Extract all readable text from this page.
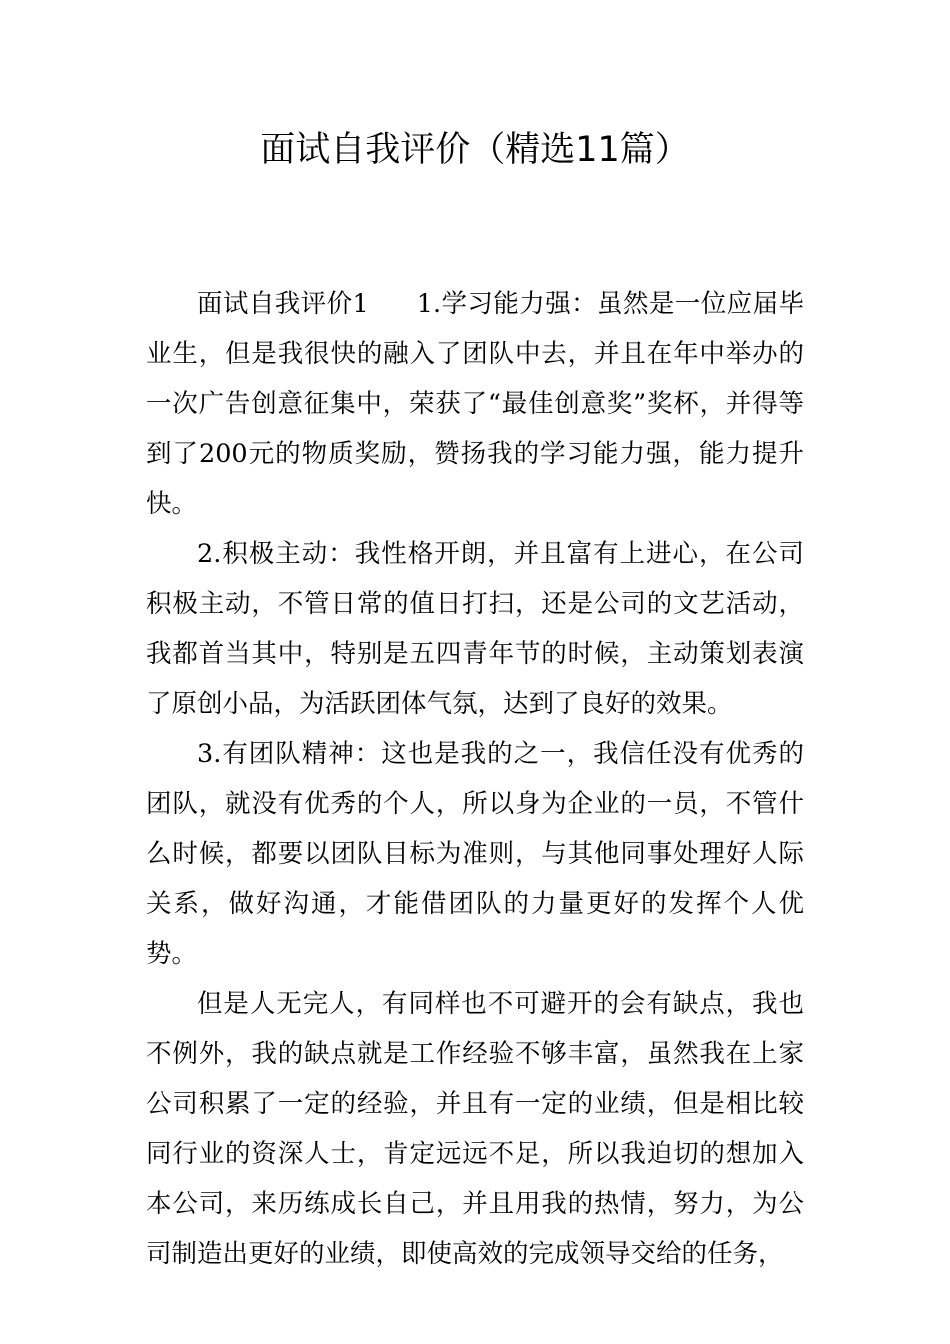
面试自我评价（精选11篇）

面试自我评价1 1.学习能力强：虽然是一位应届毕业生，但是我很快的融入了团队中去，并且在年中举办的一次广告创意征集中，荣获了“最佳创意奖”奖杯，并得等到了200元的物质奖励，赞扬我的学习能力强，能力提升快。

2.积极主动：我性格开朗，并且富有上进心，在公司积极主动，不管日常的值日打扫，还是公司的文艺活动，我都首当其中，特别是五四青年节的时候，主动策划表演了原创小品，为活跃团体气氛，达到了良好的效果。

3.有团队精神：这也是我的之一，我信任没有优秀的团队，就没有优秀的个人，所以身为企业的一员，不管什么时候，都要以团队目标为准则，与其他同事处理好人际关系，做好沟通，才能借团队的力量更好的发挥个人优势。

但是人无完人，有同样也不可避开的会有缺点，我也不例外，我的缺点就是工作经验不够丰富，虽然我在上家公司积累了一定的经验，并且有一定的业绩，但是相比较同行业的资深人士，肯定远远不足，所以我迫切的想加入本公司，来历练成长自己，并且用我的热情，努力，为公司制造出更好的业绩，即使高效的完成领导交给的任务，
